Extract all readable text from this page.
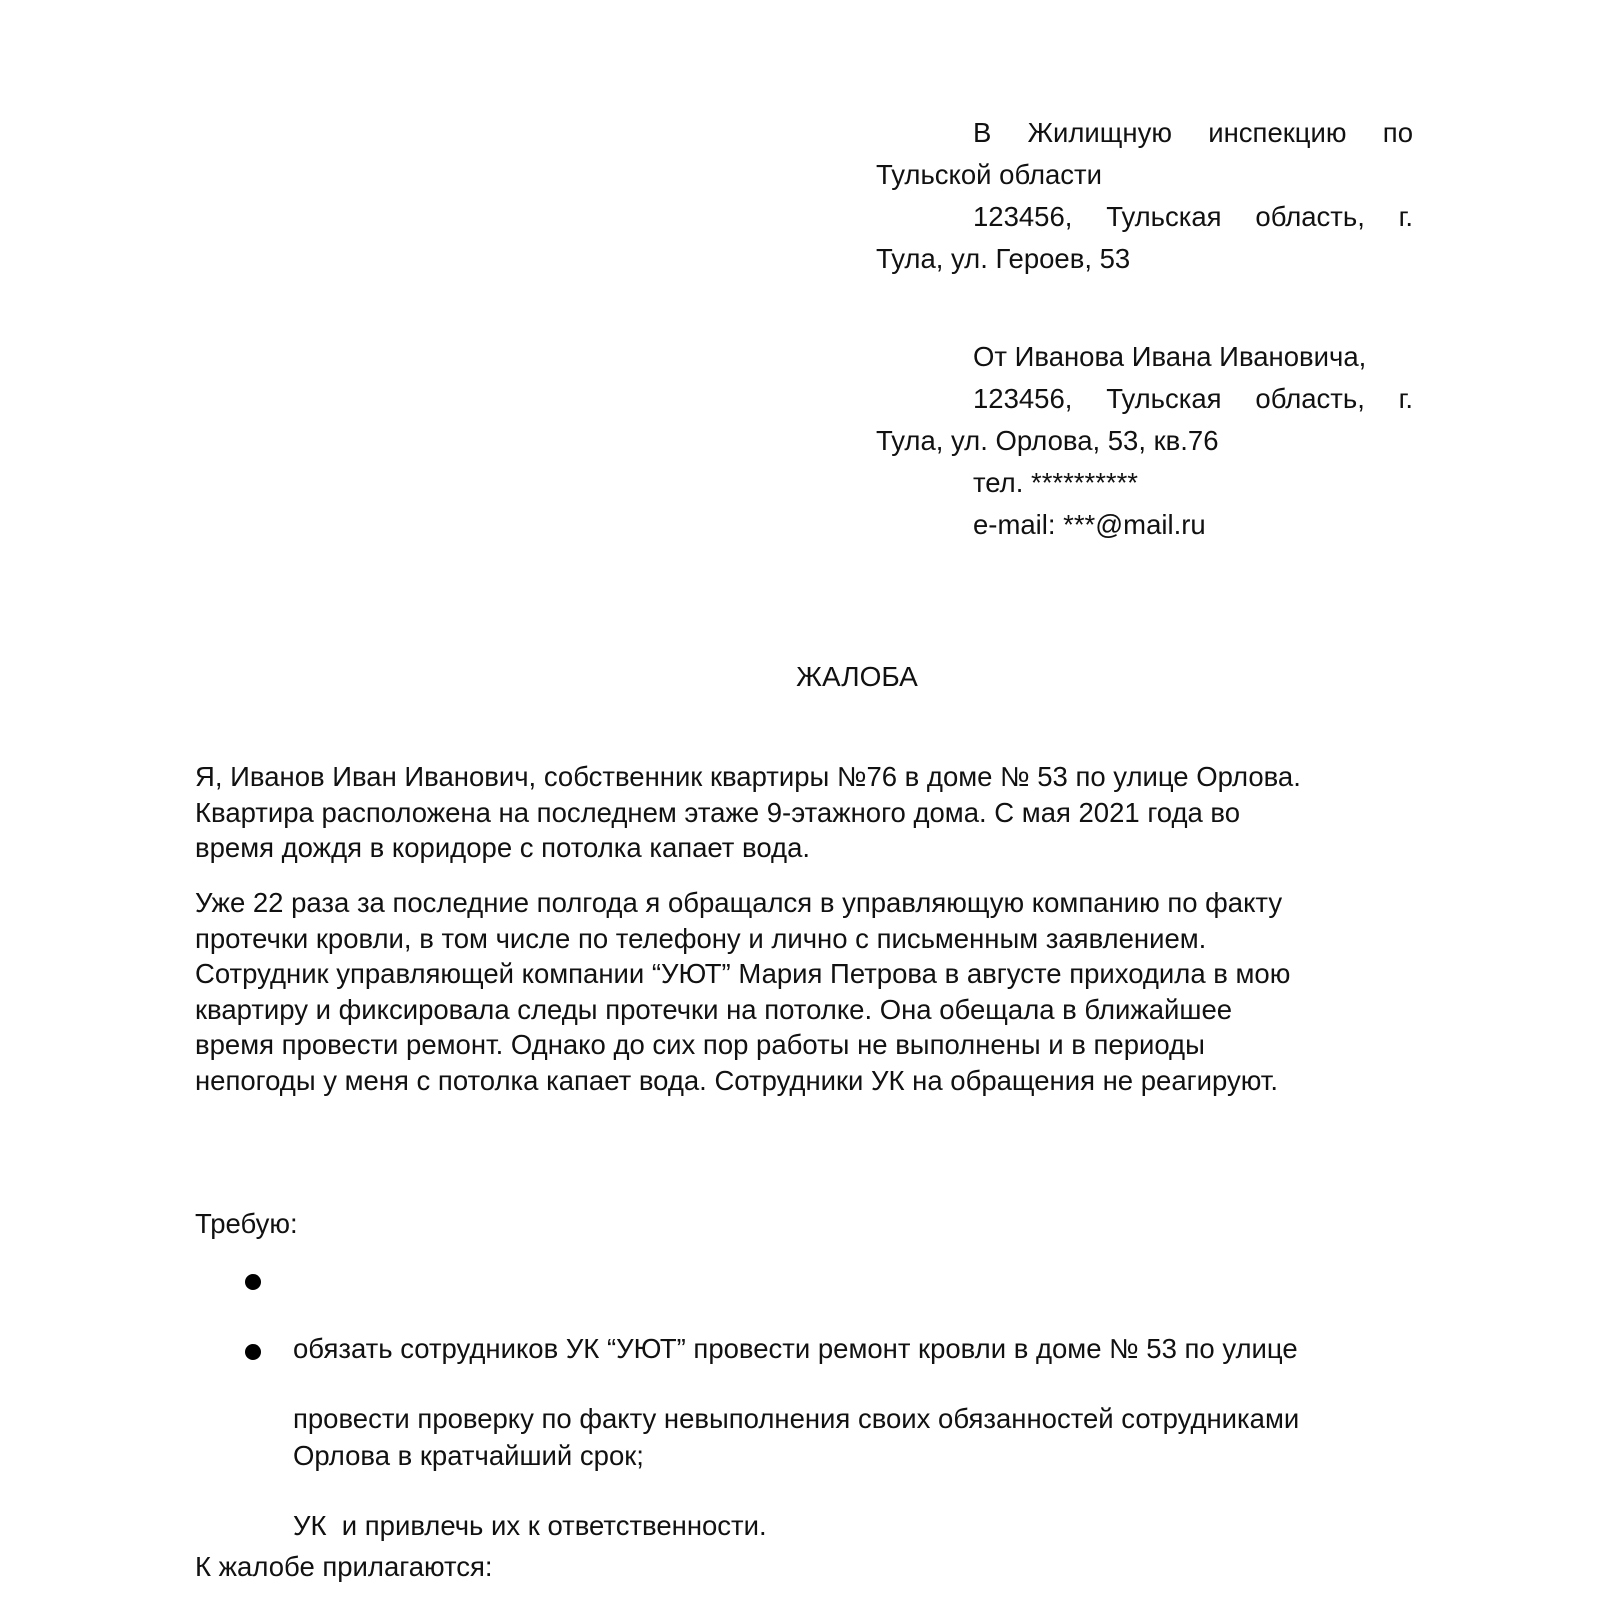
В Жилищную инспекцию по
Тульской области
123456, Тульская область, г.
Тула, ул. Героев, 53
От Иванова Ивана Ивановича,
123456, Тульская область, г.
Тула, ул. Орлова, 53, кв.76
тел. **********
e-mail: ***@mail.ru
ЖАЛОБА
Я, Иванов Иван Иванович, собственник квартиры №76 в доме № 53 по улице Орлова.
Квартира расположена на последнем этаже 9-этажного дома. С мая 2021 года во
время дождя в коридоре с потолка капает вода.
Уже 22 раза за последние полгода я обращался в управляющую компанию по факту
протечки кровли, в том числе по телефону и лично с письменным заявлением.
Сотрудник управляющей компании “УЮТ” Мария Петрова в августе приходила в мою
квартиру и фиксировала следы протечки на потолке. Она обещала в ближайшее
время провести ремонт. Однако до сих пор работы не выполнены и в периоды
непогоды у меня с потолка капает вода. Сотрудники УК на обращения не реагируют.
Требую:

обязать сотрудников УК “УЮТ” провести ремонт кровли в доме № 53 по улице

Орлова в кратчайший срок;

провести проверку по факту невыполнения своих обязанностей сотрудниками

УК  и привлечь их к ответственности.

К жалобе прилагаются:
